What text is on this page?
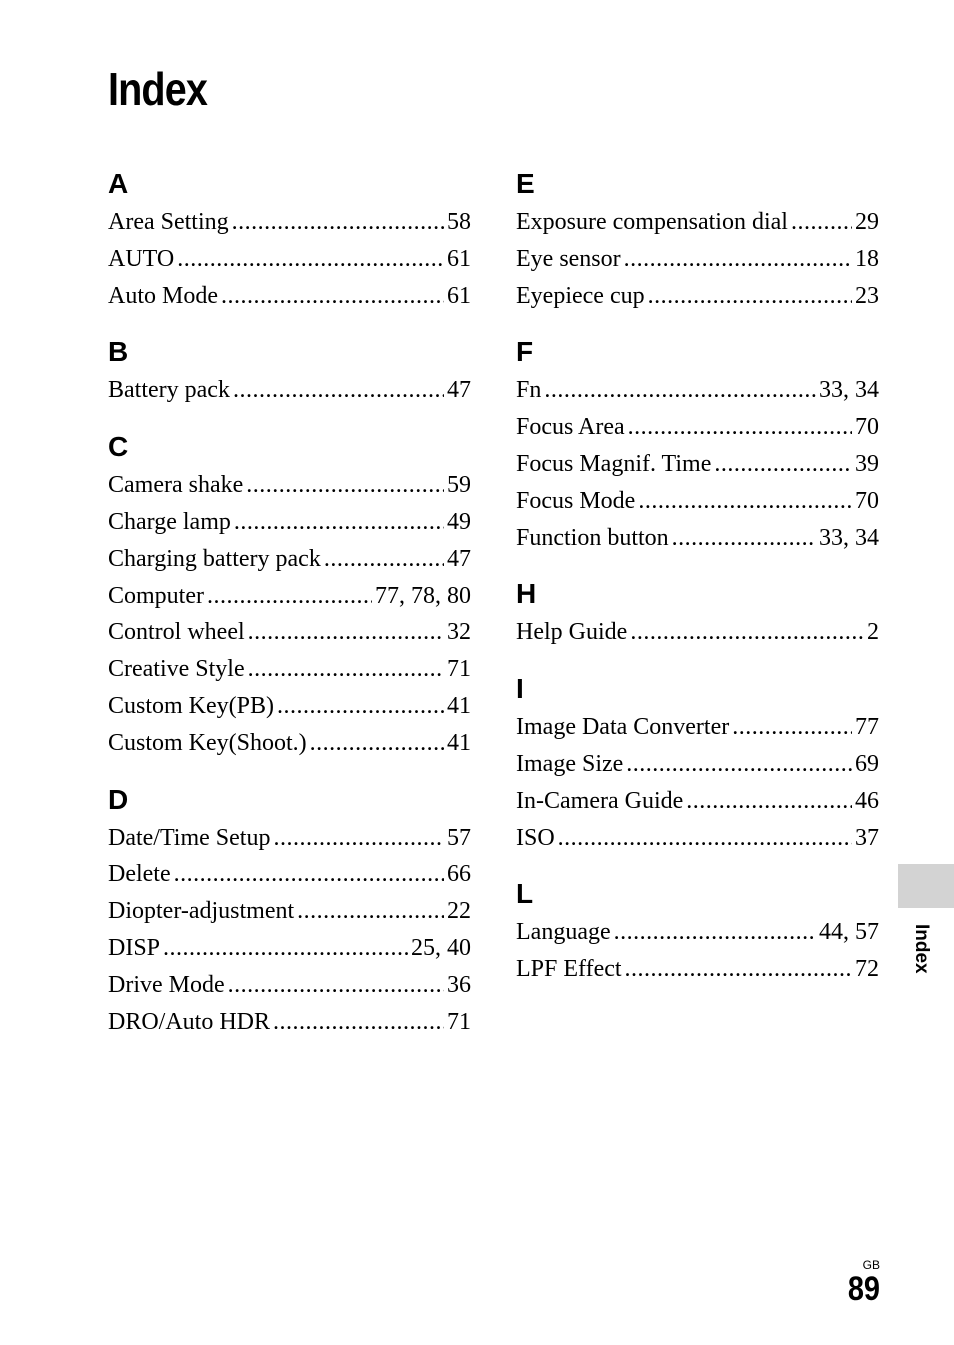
Index
A
Area Setting .....	58
AUTO .....	61
Auto Mode .....	61
B
Battery pack .....	47
C
Camera shake .....	59
Charge lamp .....	49
Charging battery pack .....	47
Computer .....	77, 78, 80
Control wheel .....	32
Creative Style .....	71
Custom Key(PB) .....	41
Custom Key(Shoot.) .....	41
D
Date/Time Setup .....	57
Delete .....	66
Diopter-adjustment .....	22
DISP .....	25, 40
Drive Mode .....	36
DRO/Auto HDR .....	71
E
Exposure compensation dial .....	29
Eye sensor .....	18
Eyepiece cup .....	23
F
Fn .....	33, 34
Focus Area .....	70
Focus Magnif. Time .....	39
Focus Mode .....	70
Function button .....	33, 34
H
Help Guide .....	2
I
Image Data Converter .....	77
Image Size .....	69
In-Camera Guide .....	46
ISO .....	37
L
Language .....	44, 57
LPF Effect .....	72 Index
GB
89
